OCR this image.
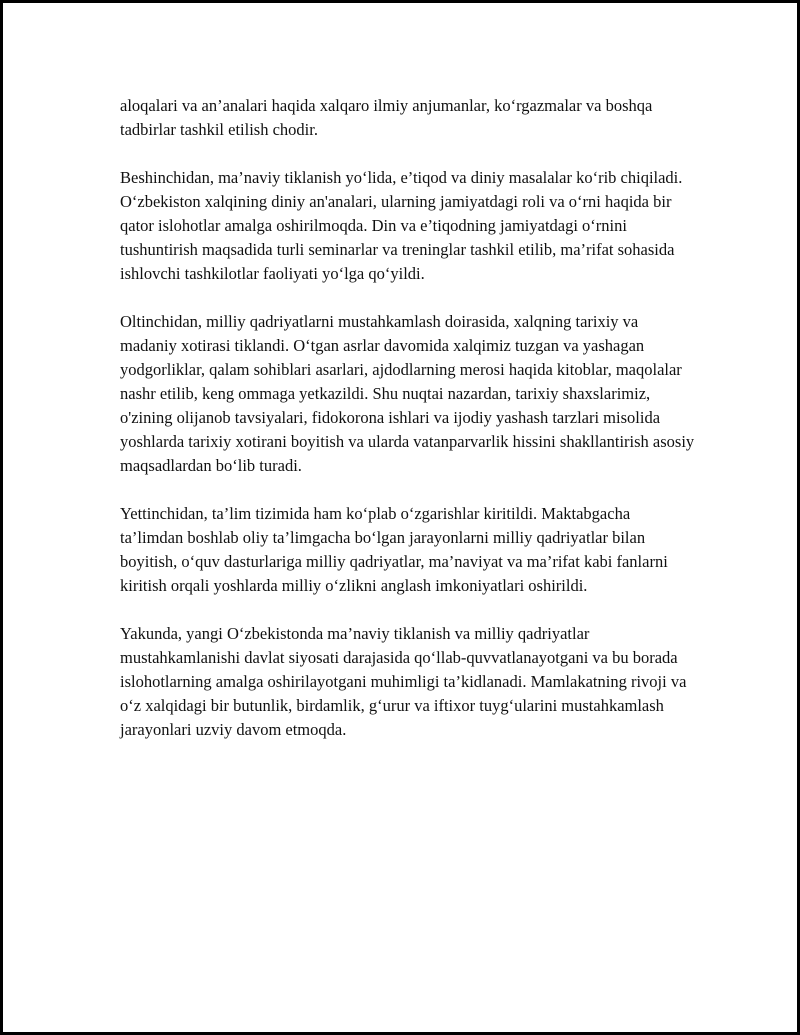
aloqalari va an’analari haqida xalqaro ilmiy anjumanlar, ko‘rgazmalar va boshqa tadbirlar tashkil etilish chodir.

Beshinchidan, ma’naviy tiklanish yo‘lida, e’tiqod va diniy masalalar ko‘rib chiqiladi. O‘zbekiston xalqining diniy an'analari, ularning jamiyatdagi roli va o‘rni haqida bir qator islohotlar amalga oshirilmoqda. Din va e’tiqodning jamiyatdagi o‘rnini tushuntirish maqsadida turli seminarlar va treninglar tashkil etilib, ma’rifat sohasida ishlovchi tashkilotlar faoliyati yo‘lga qo‘yildi.

Oltinchidan, milliy qadriyatlarni mustahkamlash doirasida, xalqning tarixiy va madaniy xotirasi tiklandi. O‘tgan asrlar davomida xalqimiz tuzgan va yashagan yodgorliklar, qalam sohiblari asarlari, ajdodlarning merosi haqida kitoblar, maqolalar nashr etilib, keng ommaga yetkazildi. Shu nuqtai nazardan, tarixiy shaxslarimiz, o'zining olijanob tavsiyalari, fidokorona ishlari va ijodiy yashash tarzlari misolida yoshlarda tarixiy xotirani boyitish va ularda vatanparvarlik hissini shakllantirish asosiy maqsadlardan bo‘lib turadi.

Yettinchidan, ta’lim tizimida ham ko‘plab o‘zgarishlar kiritildi. Maktabgacha ta’limdan boshlab oliy ta’limgacha bo‘lgan jarayonlarni milliy qadriyatlar bilan boyitish, o‘quv dasturlariga milliy qadriyatlar, ma’naviyat va ma’rifat kabi fanlarni kiritish orqali yoshlarda milliy o‘zlikni anglash imkoniyatlari oshirildi.

Yakunda, yangi O‘zbekistonda ma’naviy tiklanish va milliy qadriyatlar mustahkamlanishi davlat siyosati darajasida qo‘llab-quvvatlanayotgani va bu borada islohotlarning amalga oshirilayotgani muhimligi ta’kidlanadi. Mamlakatning rivoji va o‘z xalqidagi bir butunlik, birdamlik, g‘urur va iftixor tuyg‘ularini mustahkamlash jarayonlari uzviy davom etmoqda.
